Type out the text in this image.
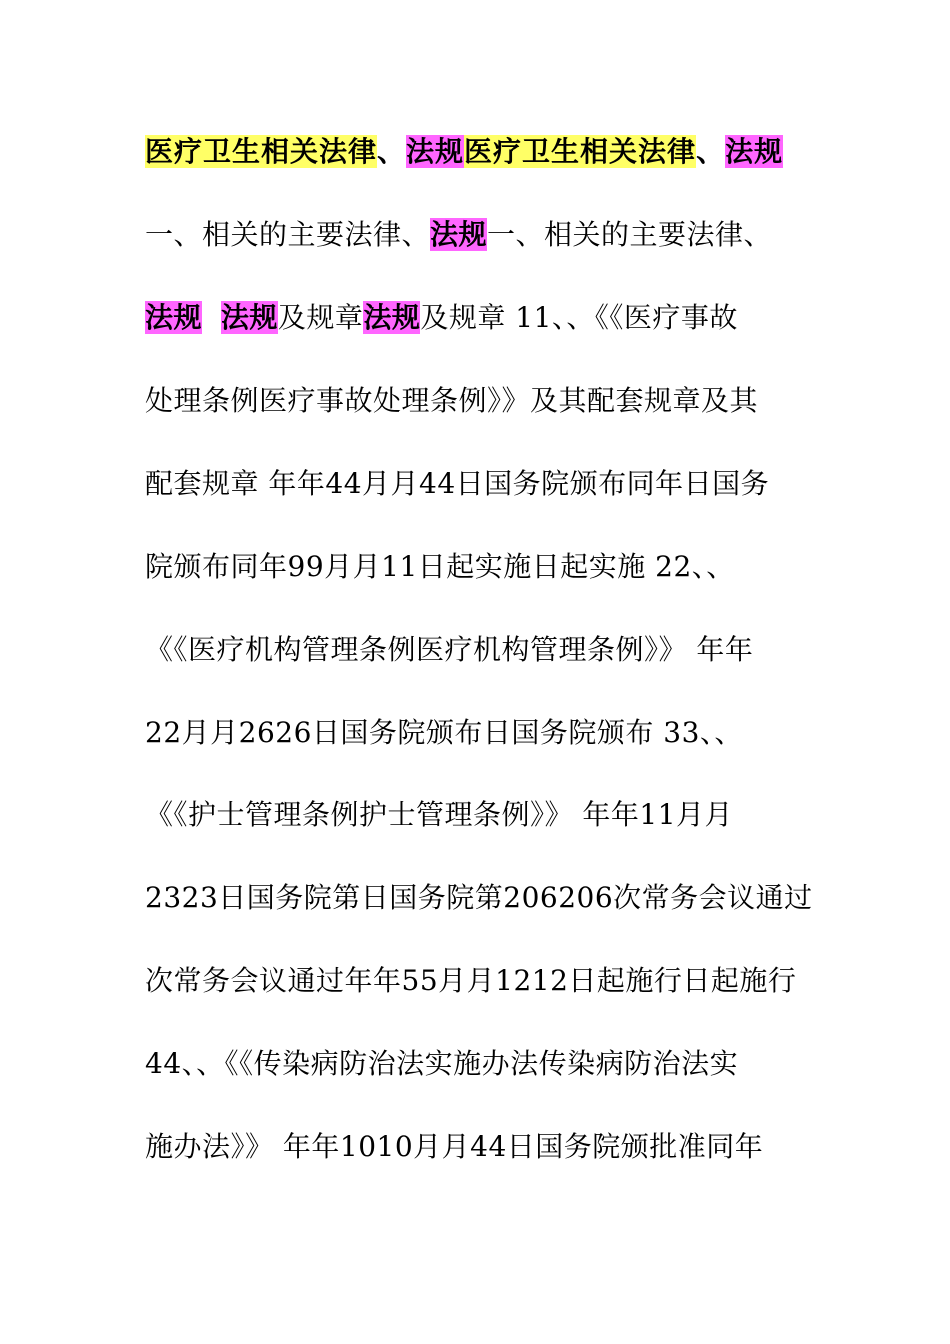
医疗卫生相关法律、法规医疗卫生相关法律、法规
一、相关的主要法律、法规一、相关的主要法律、
法规 法规及规章法规及规章 11、、《《医疗事故
处理条例医疗事故处理条例》》及其配套规章及其
配套规章 年年44月月44日国务院颁布同年日国务
院颁布同年99月月11日起实施日起实施 22、、
《《医疗机构管理条例医疗机构管理条例》》 年年
22月月2626日国务院颁布日国务院颁布 33、、
《《护士管理条例护士管理条例》》 年年11月月
2323日国务院第日国务院第206206次常务会议通过
次常务会议通过年年55月月1212日起施行日起施行
44、、《《传染病防治法实施办法传染病防治法实
施办法》》 年年1010月月44日国务院颁批准同年
